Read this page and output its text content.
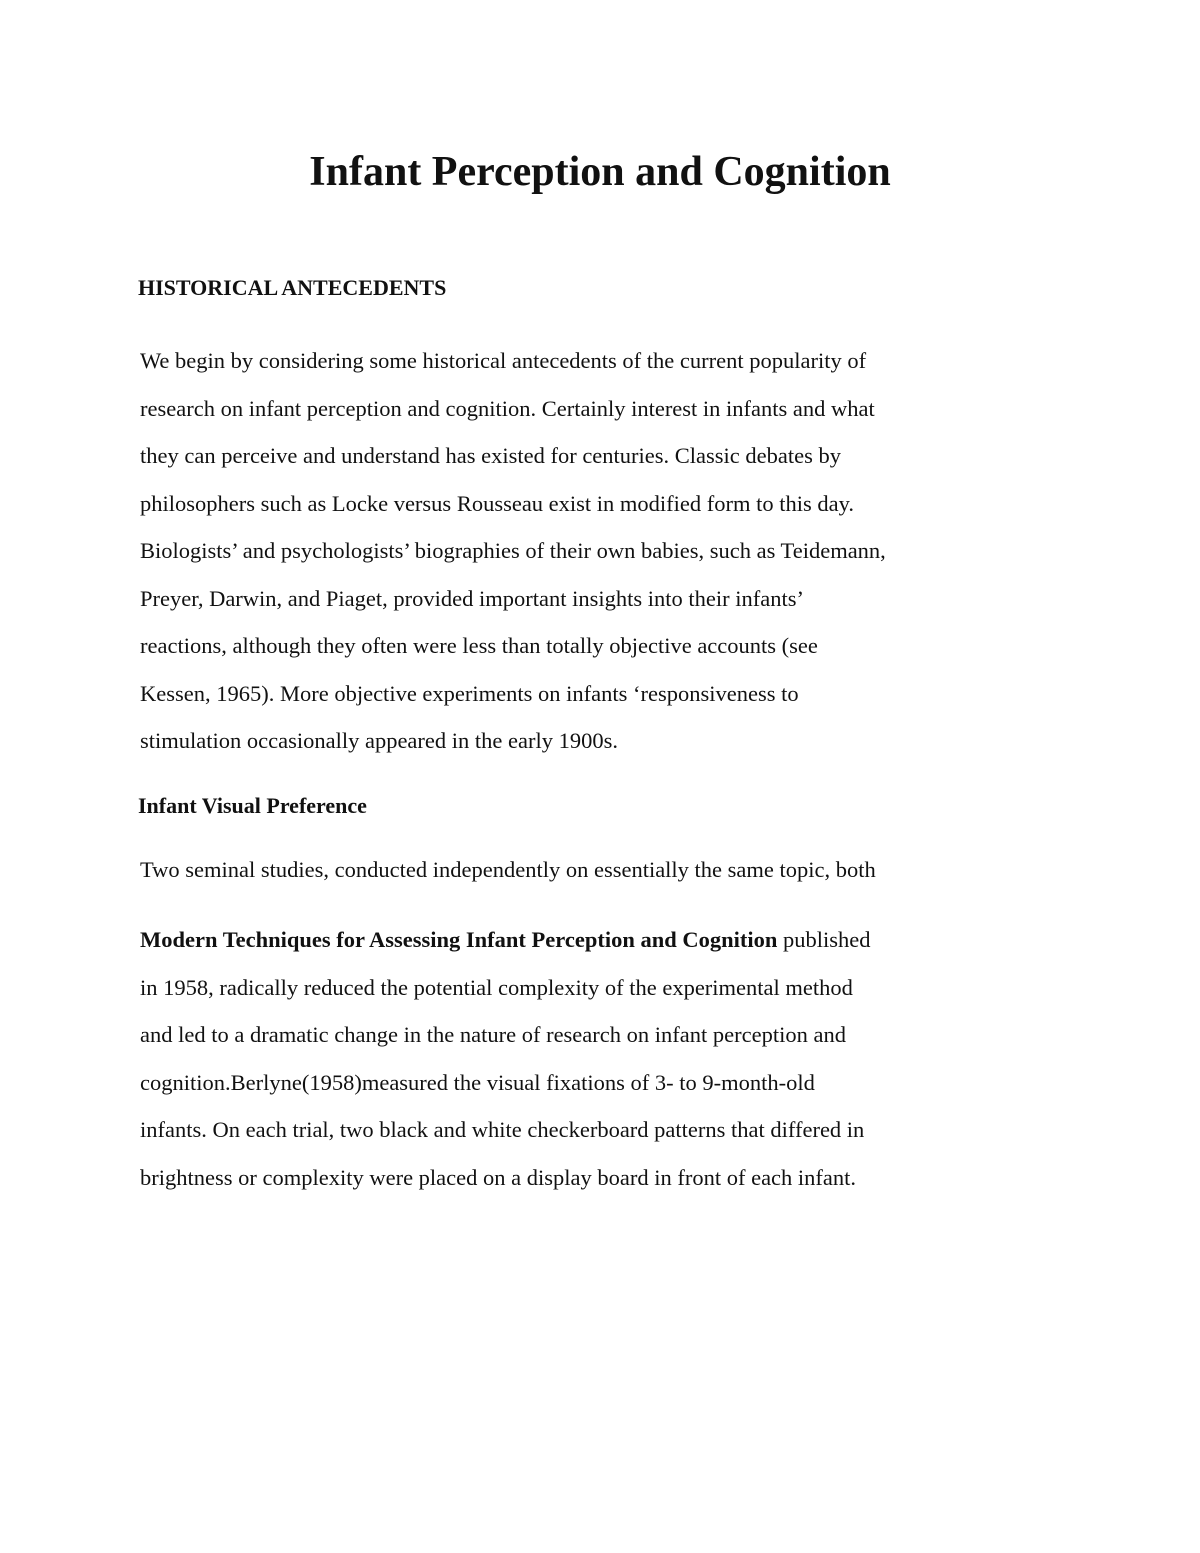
Infant Perception and Cognition
HISTORICAL ANTECEDENTS

We begin by considering some historical antecedents of the current popularity of
research on infant perception and cognition. Certainly interest in infants and what
they can perceive and understand has existed for centuries. Classic debates by
philosophers such as Locke versus Rousseau exist in modified form to this day.
Biologists’ and psychologists’ biographies of their own babies, such as Teidemann,
Preyer, Darwin, and Piaget, provided important insights into their infants’
reactions, although they often were less than totally objective accounts (see
Kessen, 1965). More objective experiments on infants ‘responsiveness to
stimulation occasionally appeared in the early 1900s.

Infant Visual Preference

Two seminal studies, conducted independently on essentially the same topic, both

Modern Techniques for Assessing Infant Perception and Cognition published
in 1958, radically reduced the potential complexity of the experimental method
and led to a dramatic change in the nature of research on infant perception and
cognition.Berlyne(1958)measured the visual fixations of 3- to 9-month-old
infants. On each trial, two black and white checkerboard patterns that differed in
brightness or complexity were placed on a display board in front of each infant.
